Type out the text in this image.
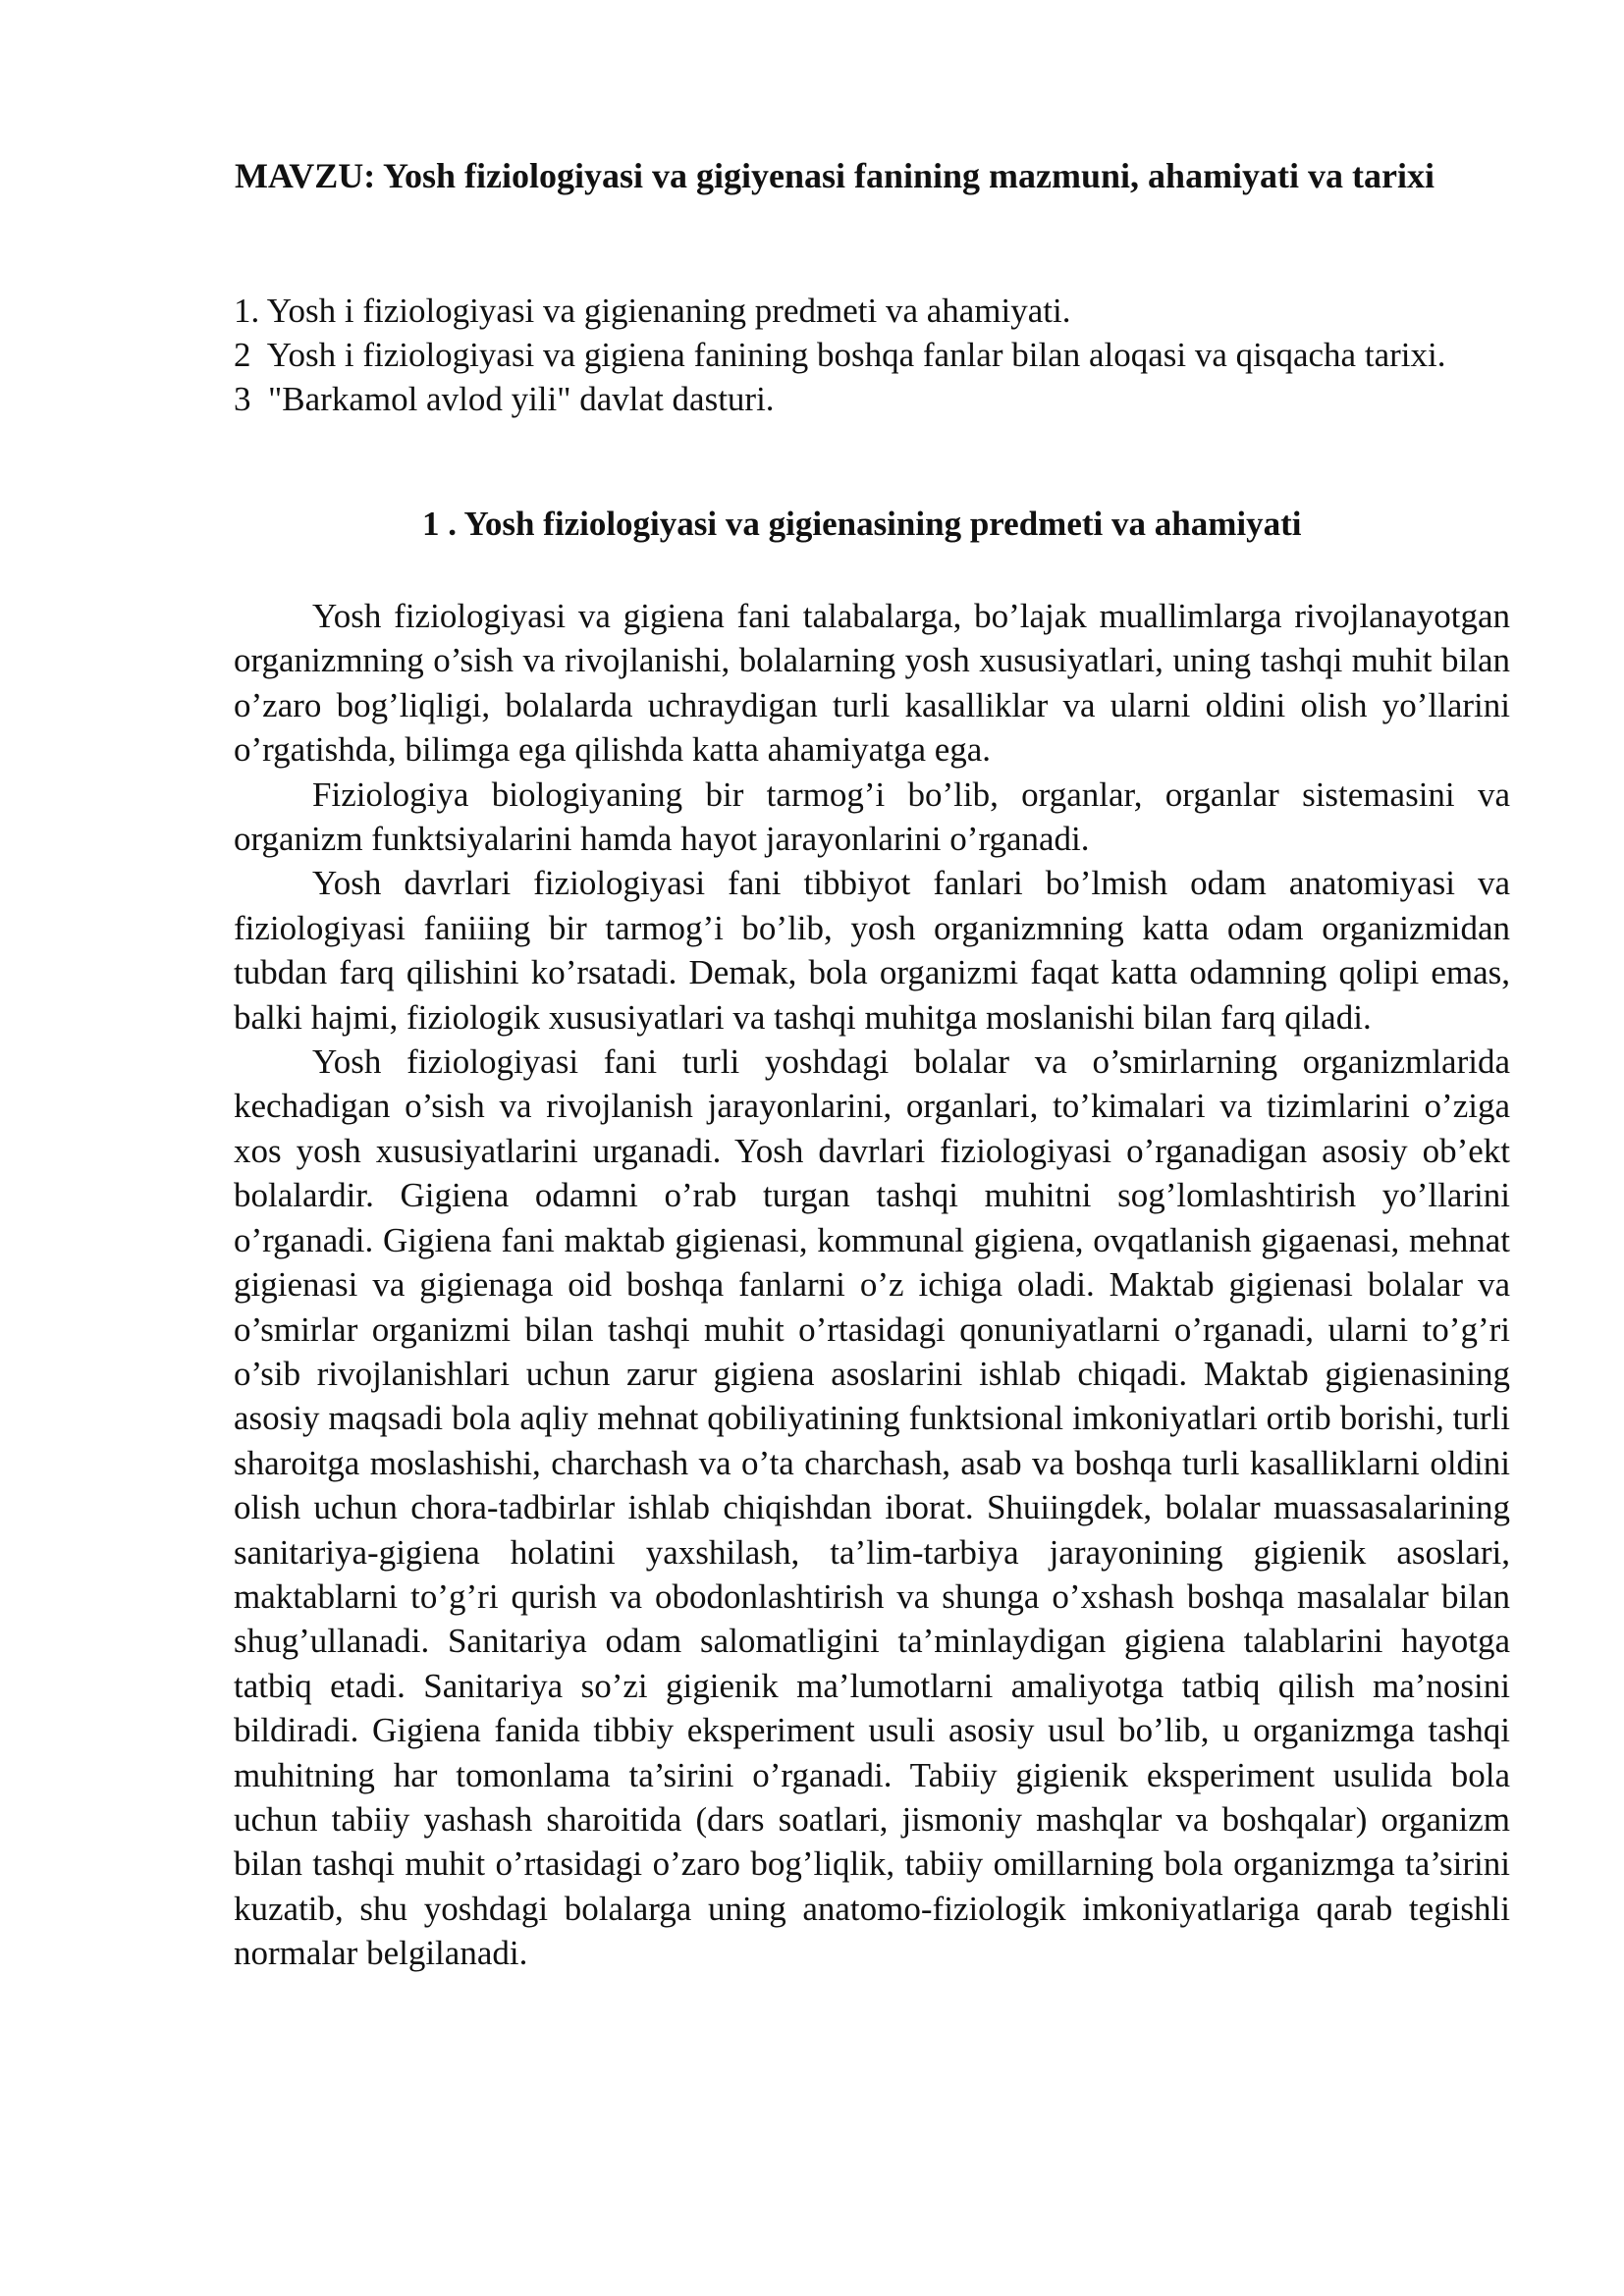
MAVZU: Yosh fiziologiyasi va gigiyenasi fanining mazmuni, ahamiyati va tarixi
1. Yosh i fiziologiyasi va gigienaning predmeti va ahamiyati.
2  Yosh i fiziologiyasi va gigiena fanining boshqa fanlar bilan aloqasi va qisqacha tarixi.
3  "Barkamol avlod yili" davlat dasturi.
1 . Yosh fiziologiyasi va gigienasining predmeti va ahamiyati

Yosh fiziologiyasi va gigiena fani talabalarga, bo’lajak muallimlarga rivojlanayotgan organizmning o’sish va rivojlanishi, bolalarning yosh xususiyatlari, uning tashqi muhit bilan o’zaro bog’liqligi, bolalarda uchraydigan turli kasalliklar va ularni oldini olish yo’llarini o’rgatishda, bilimga ega qilishda katta ahamiyatga ega.

Fiziologiya biologiyaning bir tarmog’i bo’lib, organlar, organlar sistemasini va organizm funktsiyalarini hamda hayot jarayonlarini o’rganadi.

Yosh davrlari fiziologiyasi fani tibbiyot fanlari bo’lmish odam anatomiyasi va fiziologiyasi faniiing bir tarmog’i bo’lib, yosh organizmning katta odam organizmidan tubdan farq qilishini ko’rsatadi. Demak, bola organizmi faqat katta odamning qolipi emas, balki hajmi, fiziologik xususiyatlari va tashqi muhitga moslanishi bilan farq qiladi.

Yosh fiziologiyasi fani turli yoshdagi bolalar va o’smirlarning organizmlarida kechadigan o’sish va rivojlanish jarayonlarini, organlari, to’kimalari va tizimlarini o’ziga xos yosh xususiyatlarini urganadi. Yosh davrlari fiziologiyasi o’rganadigan asosiy ob’ekt bolalardir. Gigiena odamni o’rab turgan tashqi muhitni sog’lomlashtirish yo’llarini o’rganadi. Gigiena fani maktab gigienasi, kommunal gigiena, ovqatlanish gigaenasi, mehnat gigienasi va gigienaga oid boshqa fanlarni o’z ichiga oladi. Maktab gigienasi bolalar va o’smirlar organizmi bilan tashqi muhit o’rtasidagi qonuniyatlarni o’rganadi, ularni to’g’ri o’sib rivojlanishlari uchun zarur gigiena asoslarini ishlab chiqadi. Maktab gigienasining asosiy maqsadi bola aqliy mehnat qobiliyatining funktsional imkoniyatlari ortib borishi, turli sharoitga moslashishi, charchash va o’ta charchash, asab va boshqa turli kasalliklarni oldini olish uchun chora-tadbirlar ishlab chiqishdan iborat. Shuiingdek, bolalar muassasalarining sanitariya-gigiena holatini yaxshilash, ta’lim-tarbiya jarayonining gigienik asoslari, maktablarni to’g’ri qurish va obodonlashtirish va shunga o’xshash boshqa masalalar bilan shug’ullanadi. Sanitariya odam salomatligini ta’minlaydigan gigiena talablarini hayotga tatbiq etadi. Sanitariya so’zi gigienik ma’lumotlarni amaliyotga tatbiq qilish ma’nosini bildiradi. Gigiena fanida tibbiy eksperiment usuli asosiy usul bo’lib, u organizmga tashqi muhitning har tomonlama ta’sirini o’rganadi. Tabiiy gigienik eksperiment usulida bola uchun tabiiy yashash sharoitida (dars soatlari, jismoniy mashqlar va boshqalar) organizm bilan tashqi muhit o’rtasidagi o’zaro bog’liqlik, tabiiy omillarning bola organizmga ta’sirini kuzatib, shu yoshdagi bolalarga uning anatomo-fiziologik imkoniyatlariga qarab tegishli normalar belgilanadi.
